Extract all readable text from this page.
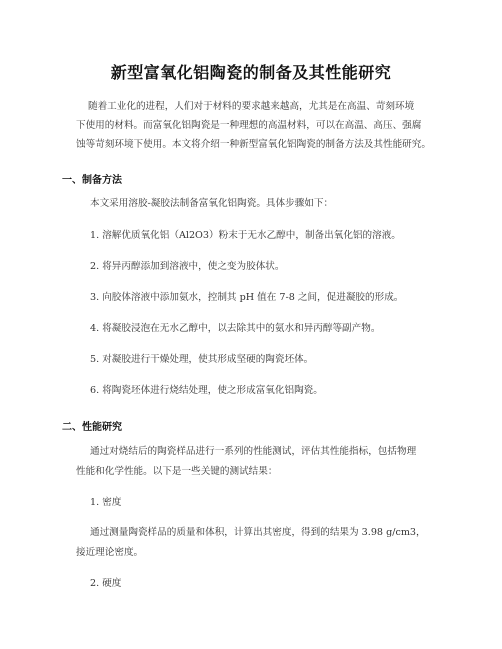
新型富氧化铝陶瓷的制备及其性能研究
随着工业化的进程，人们对于材料的要求越来越高，尤其是在高温、苛刻环境
下使用的材料。而富氧化铝陶瓷是一种理想的高温材料，可以在高温、高压、强腐
蚀等苛刻环境下使用。本文将介绍一种新型富氧化铝陶瓷的制备方法及其性能研究。
一、制备方法
本文采用溶胶-凝胶法制备富氧化铝陶瓷。具体步骤如下：
1. 溶解优质氧化铝（Al2O3）粉末于无水乙醇中，制备出氧化铝的溶液。
2. 将异丙醇添加到溶液中，使之变为胶体状。
3. 向胶体溶液中添加氨水，控制其 pH 值在 7-8 之间，促进凝胶的形成。
4. 将凝胶浸泡在无水乙醇中，以去除其中的氨水和异丙醇等副产物。
5. 对凝胶进行干燥处理，使其形成坚硬的陶瓷坯体。
6. 将陶瓷坯体进行烧结处理，使之形成富氧化铝陶瓷。
二、性能研究
通过对烧结后的陶瓷样品进行一系列的性能测试，评估其性能指标，包括物理
性能和化学性能。以下是一些关键的测试结果：
1. 密度
通过测量陶瓷样品的质量和体积，计算出其密度，得到的结果为 3.98 g/cm3，
接近理论密度。
2. 硬度
